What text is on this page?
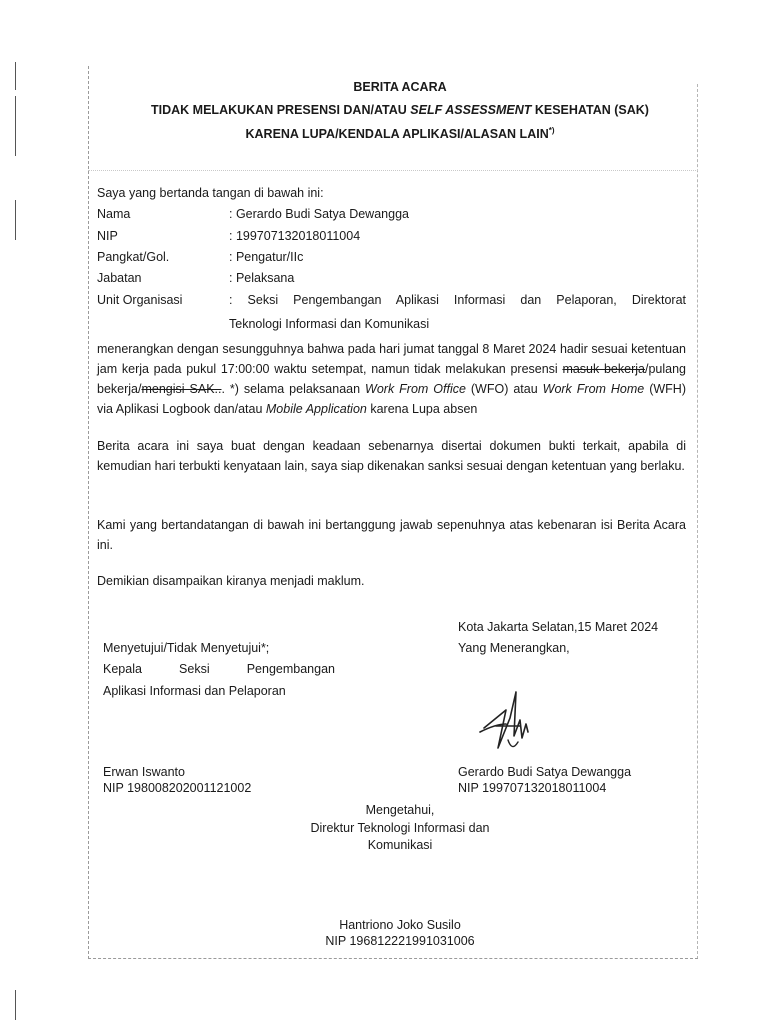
BERITA ACARA
TIDAK MELAKUKAN PRESENSI DAN/ATAU SELF ASSESSMENT KESEHATAN (SAK)
KARENA LUPA/KENDALA APLIKASI/ALASAN LAIN*)
Saya yang bertanda tangan di bawah ini:
Nama	: Gerardo Budi Satya Dewangga
NIP	: 199707132018011004
Pangkat/Gol.	: Pengatur/IIc
Jabatan	: Pelaksana
Unit Organisasi	: Seksi Pengembangan Aplikasi Informasi dan Pelaporan, Direktorat
Teknologi Informasi dan Komunikasi
menerangkan dengan sesungguhnya bahwa pada hari jumat tanggal 8 Maret 2024 hadir sesuai ketentuan jam kerja pada pukul 17:00:00 waktu setempat, namun tidak melakukan presensi masuk bekerja/pulang bekerja/mengisi SAK... *) selama pelaksanaan Work From Office (WFO) atau Work From Home (WFH) via Aplikasi Logbook dan/atau Mobile Application karena Lupa absen
Berita acara ini saya buat dengan keadaan sebenarnya disertai dokumen bukti terkait, apabila di kemudian hari terbukti kenyataan lain, saya siap dikenakan sanksi sesuai dengan ketentuan yang berlaku.
Kami yang bertandatangan di bawah ini bertanggung jawab sepenuhnya atas kebenaran isi Berita Acara ini.
Demikian disampaikan kiranya menjadi maklum.
Kota Jakarta Selatan,15 Maret 2024
Yang Menerangkan,
Menyetujui/Tidak Menyetujui*;
Kepala	Seksi	Pengembangan
Aplikasi Informasi dan Pelaporan
Erwan Iswanto
NIP 198008202001121002
Gerardo Budi Satya Dewangga
NIP 199707132018011004
Mengetahui,
Direktur Teknologi Informasi dan
Komunikasi
Hantriono Joko Susilo
NIP 196812221991031006
